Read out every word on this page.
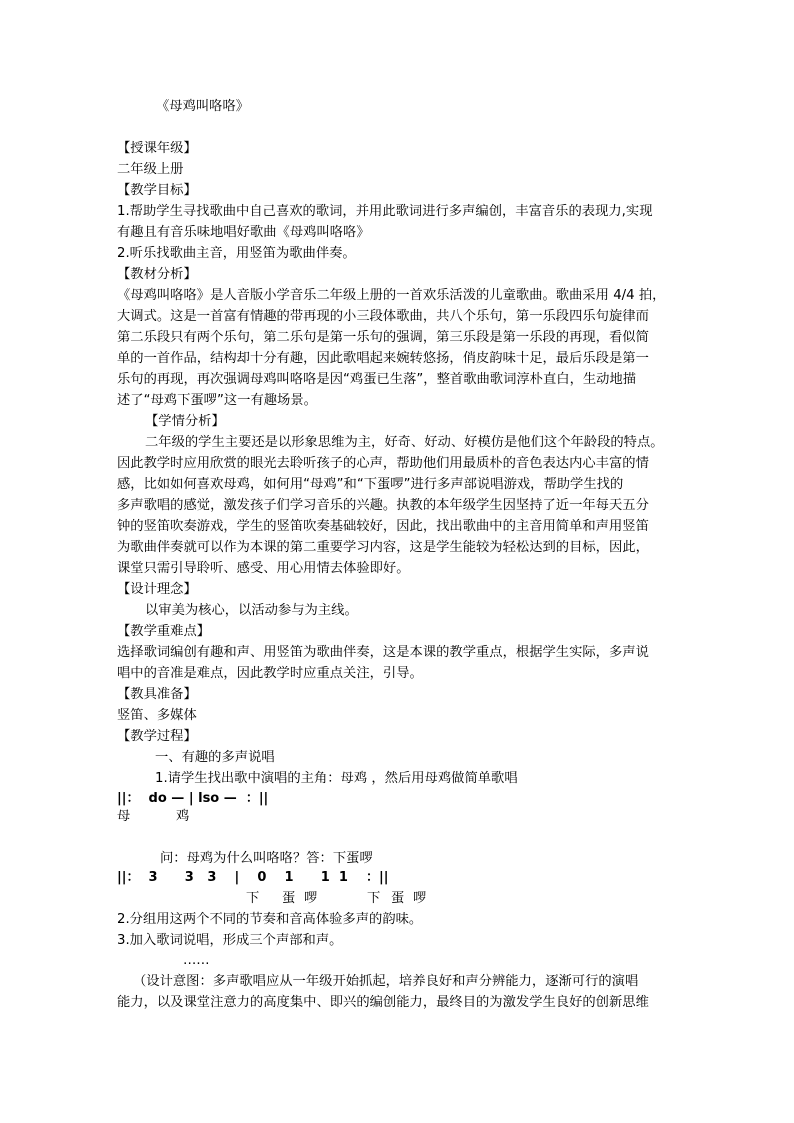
《母鸡叫咯咯》
【授课年级】
二年级上册
【教学目标】
1.帮助学生寻找歌曲中自己喜欢的歌词，并用此歌词进行多声编创，丰富音乐的表现力,实现
有趣且有音乐味地唱好歌曲《母鸡叫咯咯》
2.听乐找歌曲主音，用竖笛为歌曲伴奏。
【教材分析】
《母鸡叫咯咯》是人音版小学音乐二年级上册的一首欢乐活泼的儿童歌曲。歌曲采用 4/4 拍，
大调式。这是一首富有情趣的带再现的小三段体歌曲，共八个乐句，第一乐段四乐句旋律而
第二乐段只有两个乐句，第二乐句是第一乐句的强调，第三乐段是第一乐段的再现，看似简
单的一首作品，结构却十分有趣，因此歌唱起来婉转悠扬，俏皮韵味十足，最后乐段是第一
乐句的再现，再次强调母鸡叫咯咯是因“鸡蛋已生落”，整首歌曲歌词淳朴直白，生动地描
述了“母鸡下蛋啰”这一有趣场景。
【学情分析】
二年级的学生主要还是以形象思维为主，好奇、好动、好模仿是他们这个年龄段的特点。
因此教学时应用欣赏的眼光去聆听孩子的心声，帮助他们用最质朴的音色表达内心丰富的情
感，比如如何喜欢母鸡，如何用“母鸡”和“下蛋啰”进行多声部说唱游戏，帮助学生找的
多声歌唱的感觉，激发孩子们学习音乐的兴趣。执教的本年级学生因坚持了近一年每天五分
钟的竖笛吹奏游戏，学生的竖笛吹奏基础较好，因此，找出歌曲中的主音用简单和声用竖笛
为歌曲伴奏就可以作为本课的第二重要学习内容，这是学生能较为轻松达到的目标，因此，
课堂只需引导聆听、感受、用心用情去体验即好。
【设计理念】
以审美为核心，以活动参与为主线。
【教学重难点】
选择歌词编创有趣和声、用竖笛为歌曲伴奏，这是本课的教学重点，根据学生实际，多声说
唱中的音准是难点，因此教学时应重点关注，引导。
【教具准备】
竖笛、多媒体
【教学过程】
一、有趣的多声说唱
1.请学生找出歌中演唱的主角：母鸡 ，然后用母鸡做简单歌唱
||：  do — | lso —  ：||
母	鸡
问：母鸡为什么叫咯咯？答：下蛋啰
||：  3      3   3    |    0    1      1  1    ：||
下 蛋 啰	下 蛋 啰
2.分组用这两个不同的节奏和音高体验多声的韵味。
3.加入歌词说唱，形成三个声部和声。
……
（设计意图：多声歌唱应从一年级开始抓起，培养良好和声分辨能力，逐渐可行的演唱
能力，以及课堂注意力的高度集中、即兴的编创能力，最终目的为激发学生良好的创新思维
